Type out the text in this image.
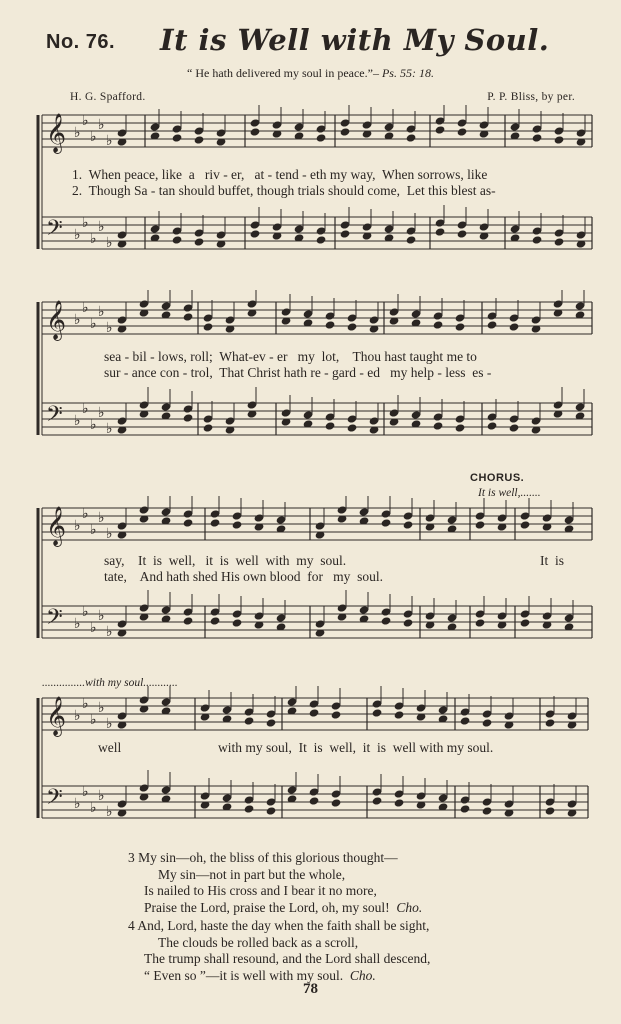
No. 76. It is Well with My Soul.
“ He hath delivered my soul in peace.”– Ps. 55: 18.
H. G. Spafford.	P. P. Bliss, by per.
𝄞 ♭
♭
♭
♭
♭
𝄢 ♭
♭
♭
♭
♭
1.  When peace, like  a   riv - er,   at - tend - eth my way,  When sorrows, like
2.  Though Sa - tan should buffet, though trials should come,  Let this blest as-
𝄞 ♭
♭
♭
♭
♭
𝄢 ♭
♭
♭
♭
♭
sea - bil - lows, roll;  What-ev - er   my  lot,    Thou hast taught me to
sur - ance con - trol,  That Christ hath re - gard - ed   my help - less  es -
CHORUS.
It is well,.......
𝄞 ♭
♭
♭
♭
♭
𝄢 ♭
♭
♭
♭
♭
say,    It  is  well,   it  is  well  with  my  soul.	It  is
tate,    And hath shed His own blood  for   my  soul.
...............with my soul............
𝄞 ♭
♭
♭
♭
♭
𝄢 ♭
♭
♭
♭
♭
well	with my soul,  It  is  well,  it  is  well with my soul.
3 My sin—oh, the bliss of this glorious thought—
My sin—not in part but the whole,
Is nailed to His cross and I bear it no more,
Praise the Lord, praise the Lord, oh, my soul! Cho.
4 And, Lord, haste the day when the faith shall be sight,
The clouds be rolled back as a scroll,
The trump shall resound, and the Lord shall descend,
“ Even so ”—it is well with my soul. Cho.
78
